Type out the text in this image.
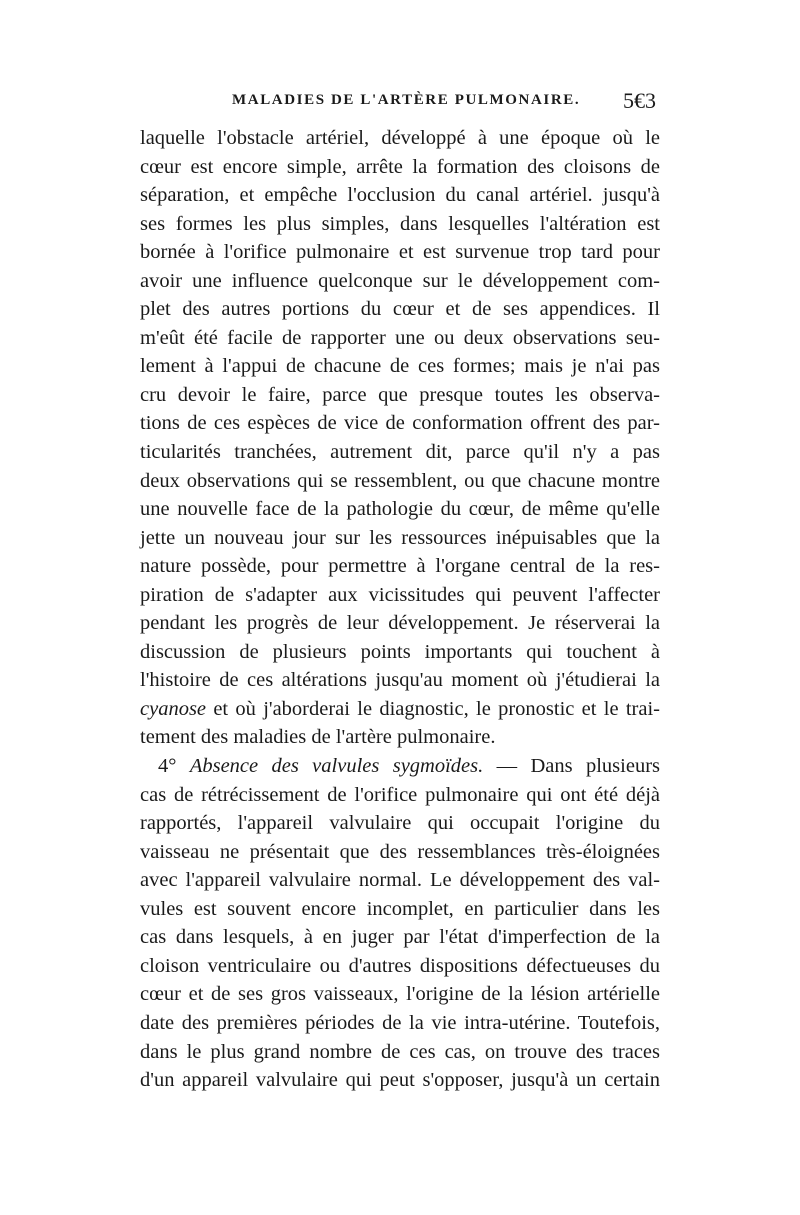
MALADIES DE L'ARTÈRE PULMONAIRE. 5€3
laquelle l'obstacle artériel, développé à une époque où le
cœur est encore simple, arrête la formation des cloisons de
séparation, et empêche l'occlusion du canal artériel. jusqu'à
ses formes les plus simples, dans lesquelles l'altération est
bornée à l'orifice pulmonaire et est survenue trop tard pour
avoir une influence quelconque sur le développement com-
plet des autres portions du cœur et de ses appendices. Il
m'eût été facile de rapporter une ou deux observations seu-
lement à l'appui de chacune de ces formes; mais je n'ai pas
cru devoir le faire, parce que presque toutes les observa-
tions de ces espèces de vice de conformation offrent des par-
ticularités tranchées, autrement dit, parce qu'il n'y a pas
deux observations qui se ressemblent, ou que chacune montre
une nouvelle face de la pathologie du cœur, de même qu'elle
jette un nouveau jour sur les ressources inépuisables que la
nature possède, pour permettre à l'organe central de la res-
piration de s'adapter aux vicissitudes qui peuvent l'affecter
pendant les progrès de leur développement. Je réserverai la
discussion de plusieurs points importants qui touchent à
l'histoire de ces altérations jusqu'au moment où j'étudierai la
cyanose et où j'aborderai le diagnostic, le pronostic et le trai-
tement des maladies de l'artère pulmonaire.
4° Absence des valvules sygmoïdes. — Dans plusieurs
cas de rétrécissement de l'orifice pulmonaire qui ont été déjà
rapportés, l'appareil valvulaire qui occupait l'origine du
vaisseau ne présentait que des ressemblances très-éloignées
avec l'appareil valvulaire normal. Le développement des val-
vules est souvent encore incomplet, en particulier dans les
cas dans lesquels, à en juger par l'état d'imperfection de la
cloison ventriculaire ou d'autres dispositions défectueuses du
cœur et de ses gros vaisseaux, l'origine de la lésion artérielle
date des premières périodes de la vie intra-utérine. Toutefois,
dans le plus grand nombre de ces cas, on trouve des traces
d'un appareil valvulaire qui peut s'opposer, jusqu'à un certain
